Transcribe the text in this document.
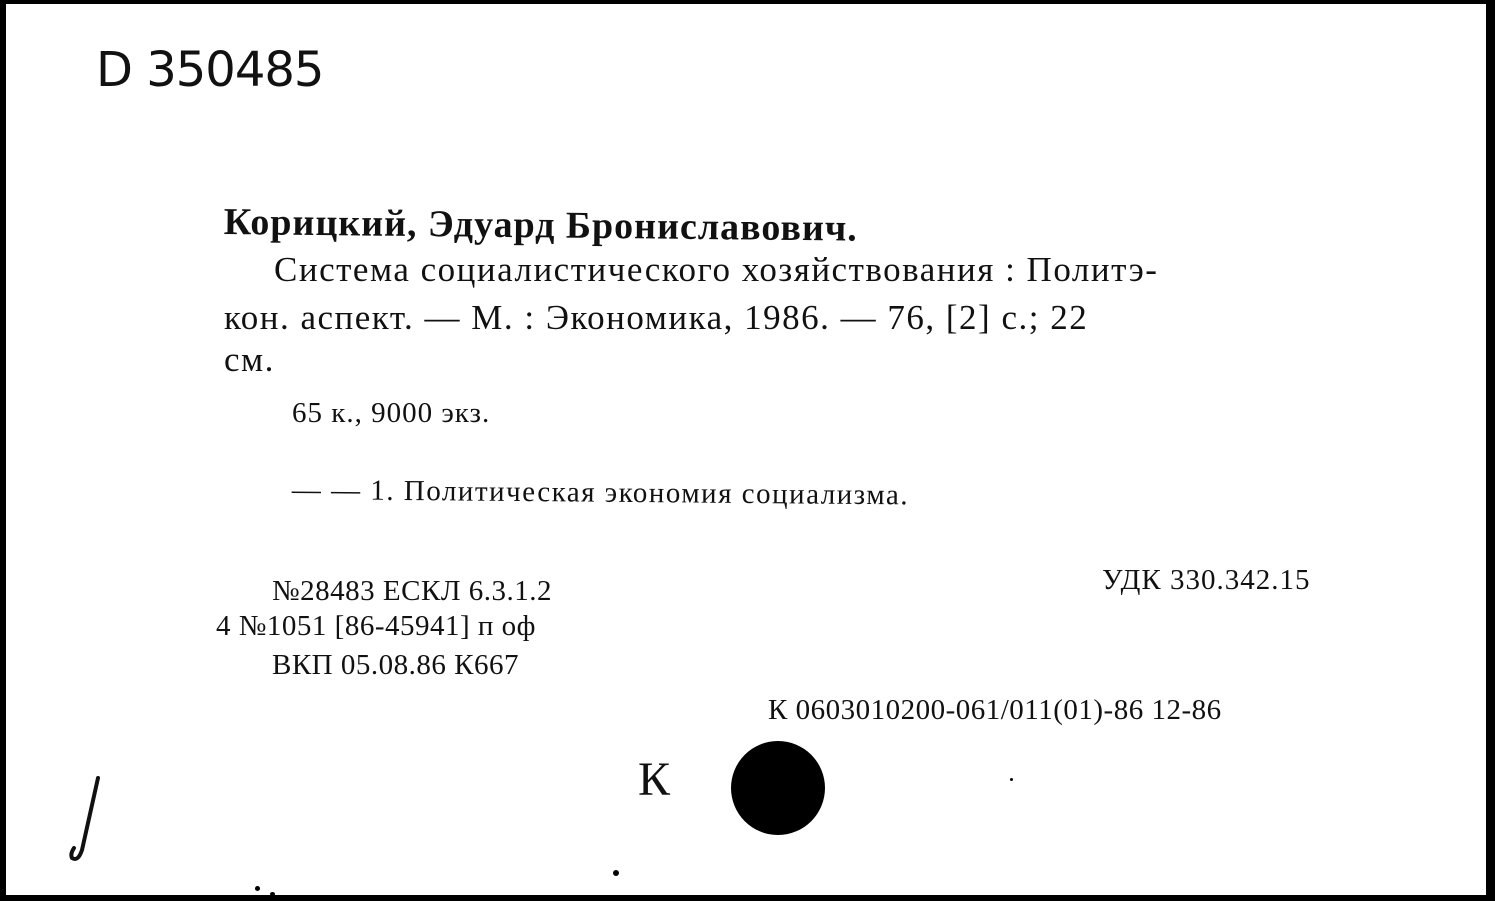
D 350485
Корицкий, Эдуард Брониславович.
Система социалистического хозяйствования : Политэ-
кон. аспект. — М. : Экономика, 1986. — 76, [2] с.; 22
см.
65 к., 9000 экз.
— — 1. Политическая экономия социализма.
№28483 ЕСКЛ 6.3.1.2
4 №1051 [86-45941] п оф
ВКП 05.08.86 К667
УДК 330.342.15
К 0603010200-061/011(01)-86 12-86
К
